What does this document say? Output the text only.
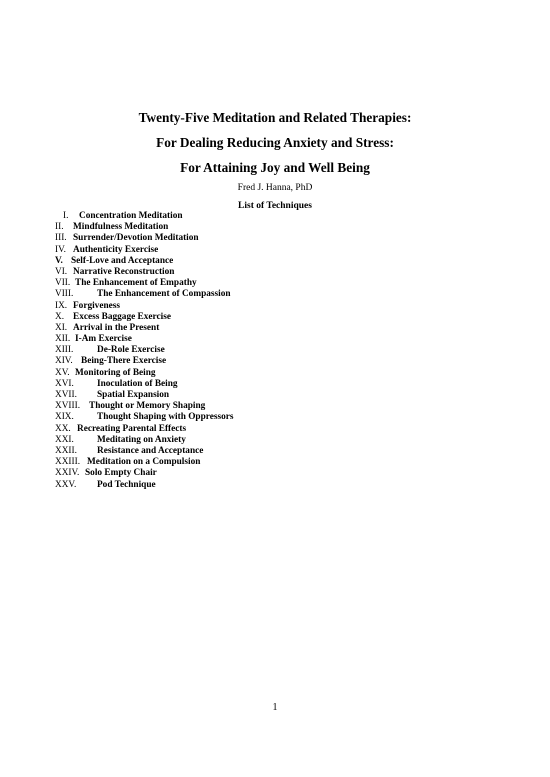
Twenty-Five Meditation and Related Therapies:
For Dealing Reducing Anxiety and Stress:
For Attaining Joy and Well Being
Fred J. Hanna, PhD
List of Techniques
I. Concentration Meditation
II. Mindfulness Meditation
III. Surrender/Devotion Meditation
IV. Authenticity Exercise
V. Self-Love and Acceptance
VI. Narrative Reconstruction
VII. The Enhancement of Empathy
VIII.	The Enhancement of Compassion
IX. Forgiveness
X. Excess Baggage Exercise
XI. Arrival in the Present
XII. I-Am Exercise
XIII.	De-Role Exercise
XIV. Being-There Exercise
XV. Monitoring of Being
XVI. Inoculation of Being
XVII. Spatial Expansion
XVIII. Thought or Memory Shaping
XIX. Thought Shaping with Oppressors
XX. Recreating Parental Effects
XXI. Meditating on Anxiety
XXII. Resistance and Acceptance
XXIII. Meditation on a Compulsion
XXIV. Solo Empty Chair
XXV. Pod Technique
1
